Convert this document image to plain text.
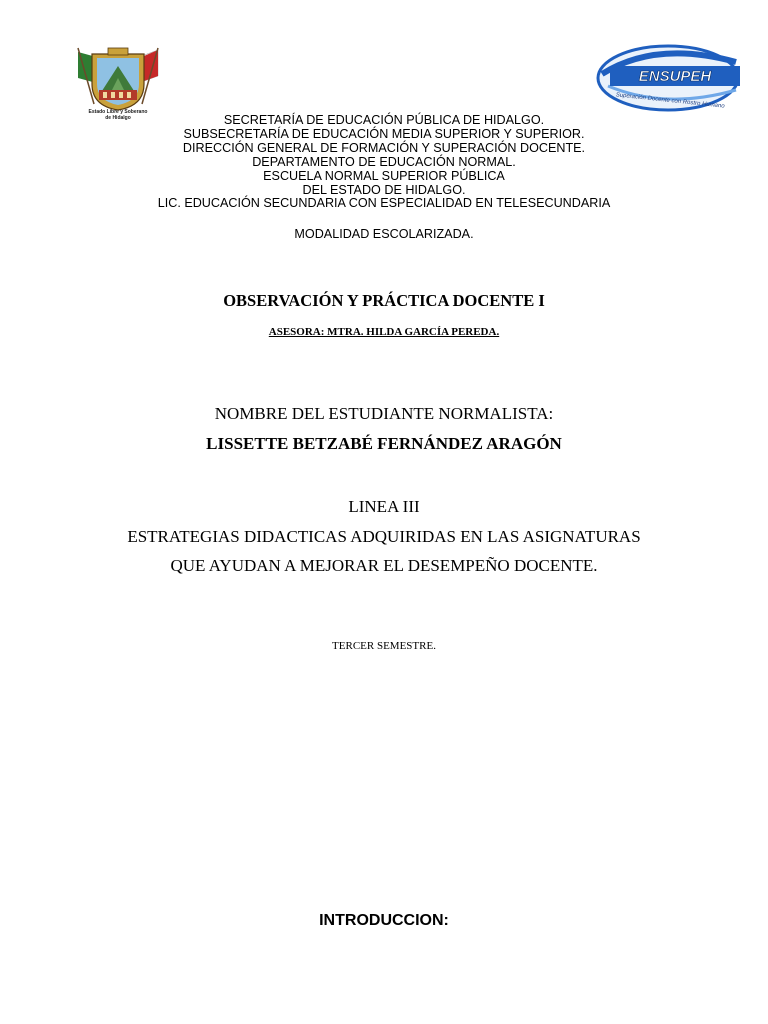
Estado Libre y Soberano
de Hidalgo
ENSUPEH
Superación Docente con Rostro Humano
SECRETARÍA DE EDUCACIÓN PÚBLICA DE HIDALGO.
SUBSECRETARÍA DE EDUCACIÓN MEDIA SUPERIOR Y SUPERIOR.
DIRECCIÓN GENERAL DE FORMACIÓN Y SUPERACIÓN DOCENTE.
DEPARTAMENTO DE EDUCACIÓN NORMAL.
ESCUELA NORMAL SUPERIOR PÚBLICA
DEL ESTADO DE HIDALGO.
LIC. EDUCACIÓN SECUNDARIA CON ESPECIALIDAD EN TELESECUNDARIA
MODALIDAD ESCOLARIZADA.
OBSERVACIÓN Y PRÁCTICA DOCENTE I
ASESORA: MTRA. HILDA GARCÍA PEREDA.
NOMBRE DEL ESTUDIANTE NORMALISTA:
LISSETTE BETZABÉ FERNÁNDEZ ARAGÓN
LINEA III
ESTRATEGIAS DIDACTICAS ADQUIRIDAS EN LAS ASIGNATURAS
QUE AYUDAN A MEJORAR EL DESEMPEÑO DOCENTE.
TERCER SEMESTRE.
INTRODUCCION:
